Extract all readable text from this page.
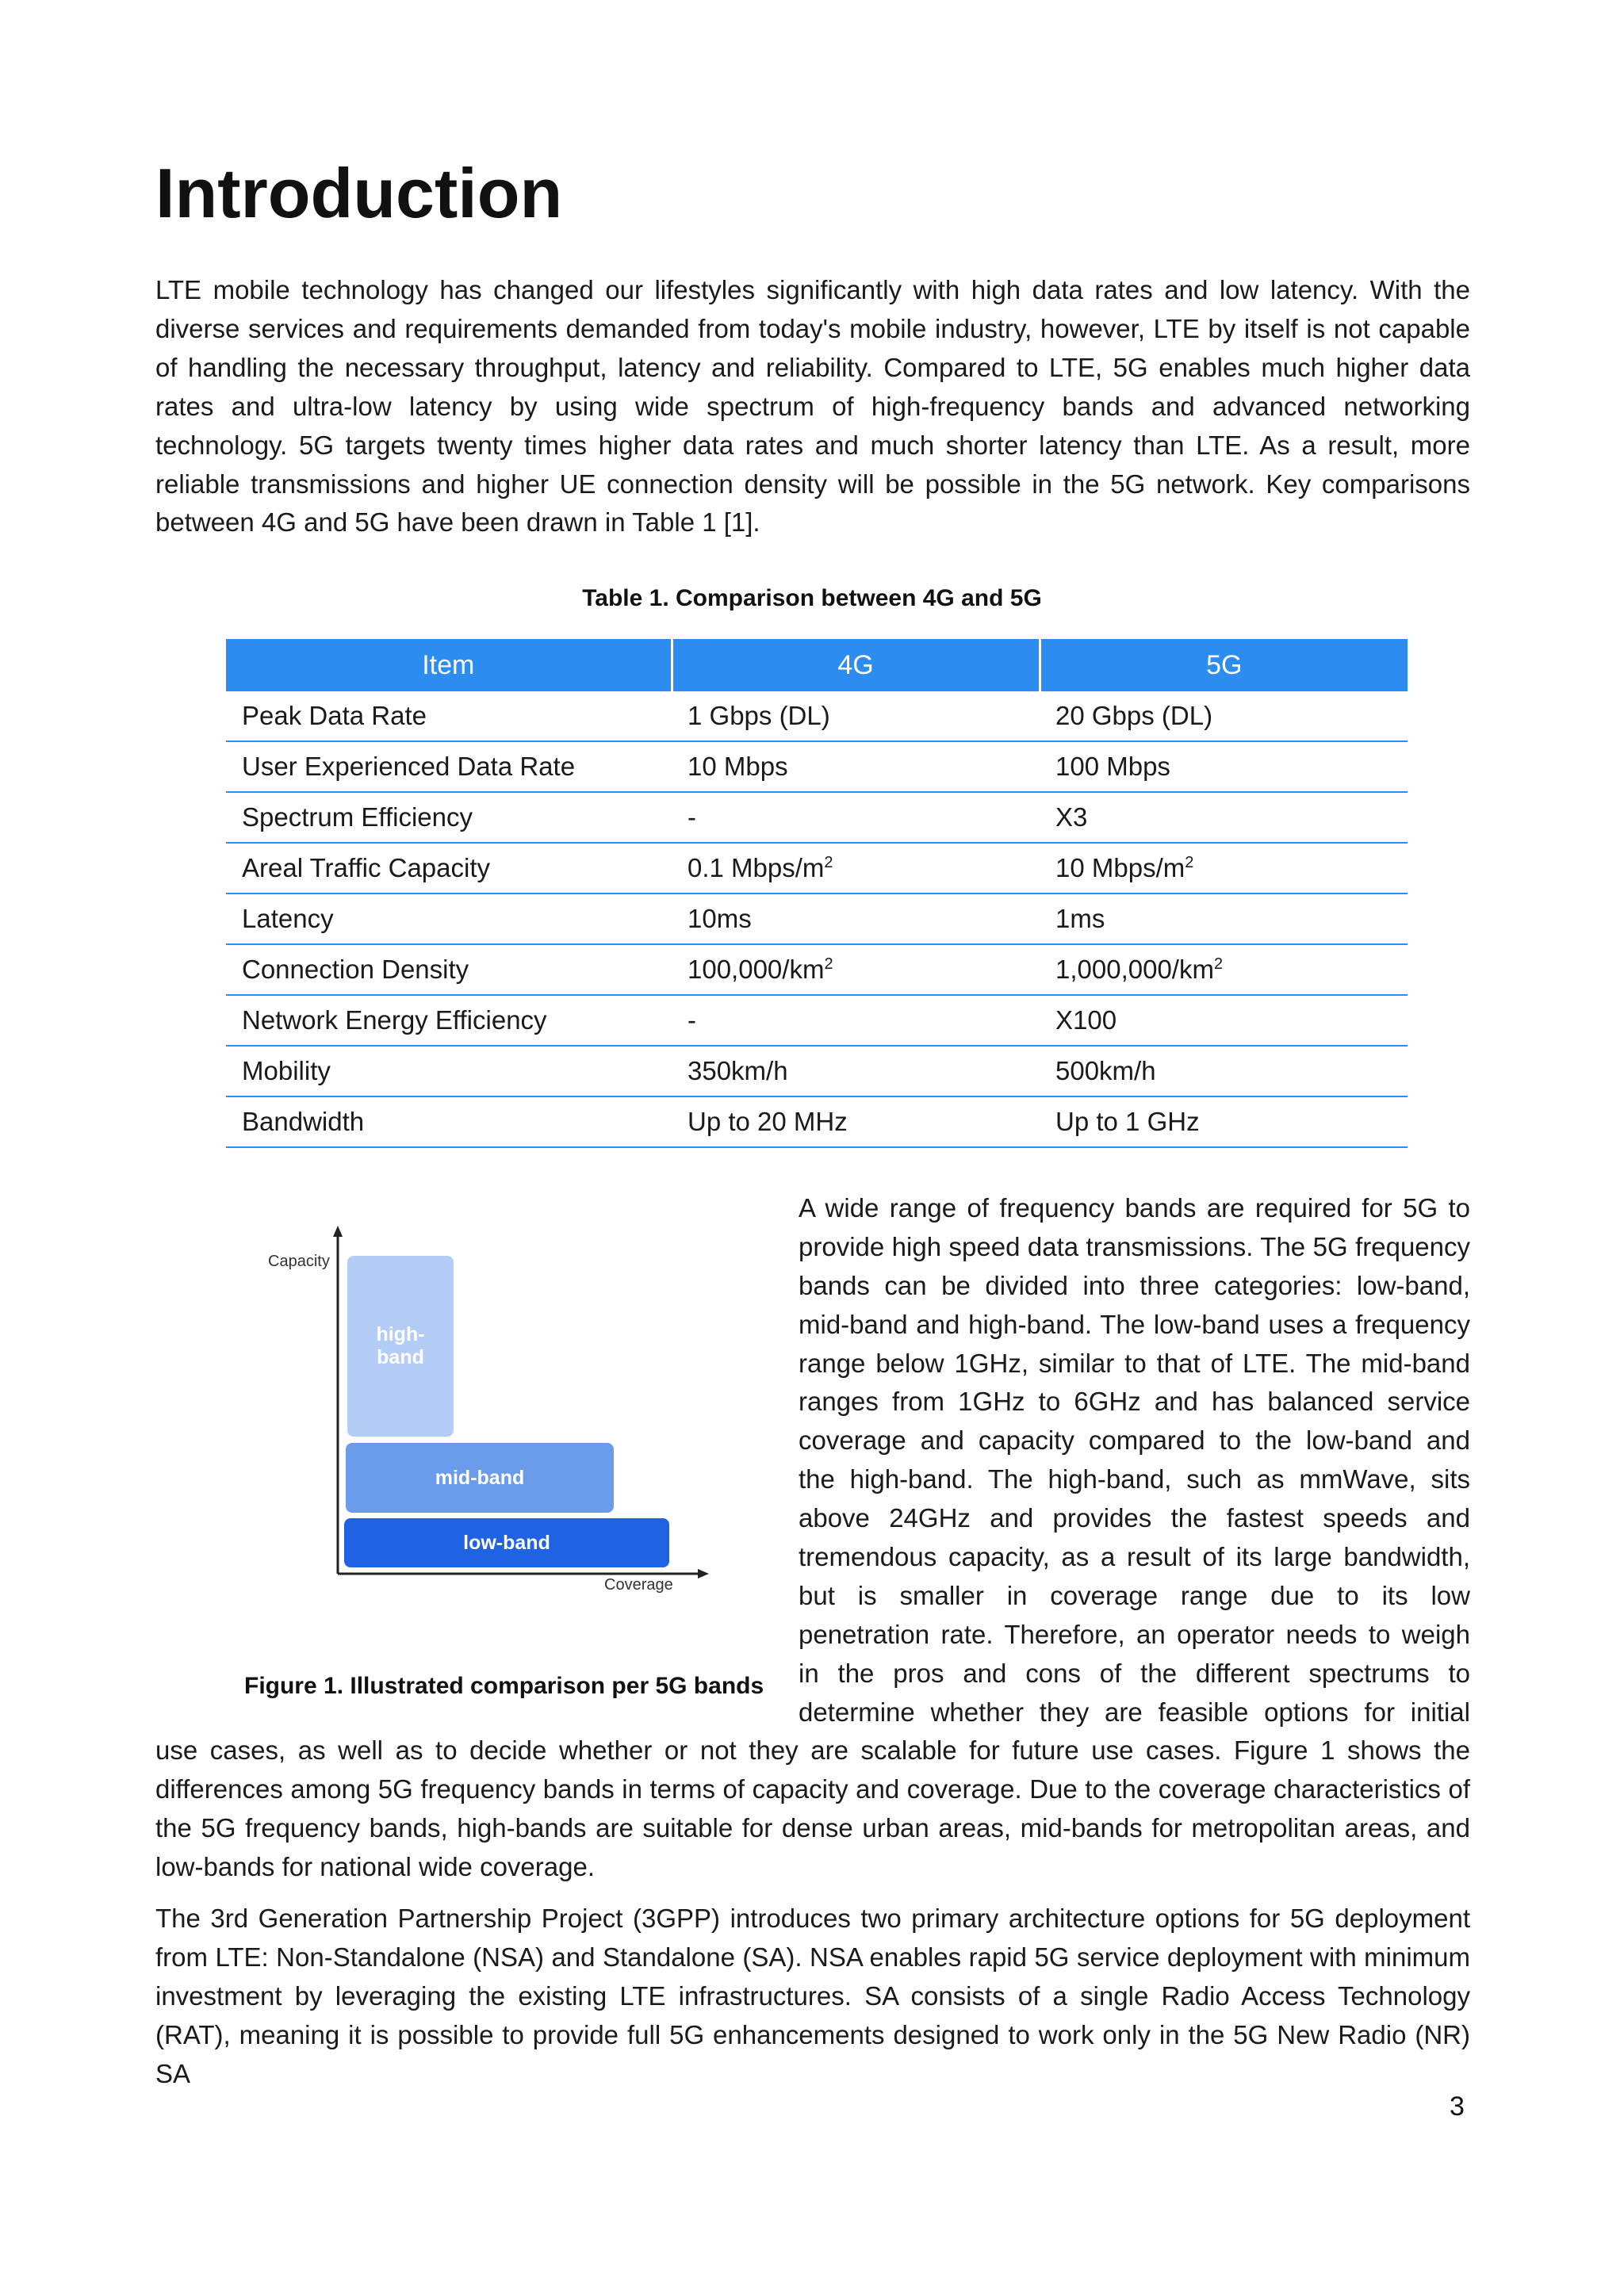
Introduction

LTE mobile technology has changed our lifestyles significantly with high data rates and low latency. With the diverse services and requirements demanded from today's mobile industry, however, LTE by itself is not capable of handling the necessary throughput, latency and reliability. Compared to LTE, 5G enables much higher data rates and ultra-low latency by using wide spectrum of high-frequency bands and advanced networking technology. 5G targets twenty times higher data rates and much shorter latency than LTE. As a result, more reliable transmissions and higher UE connection density will be possible in the 5G network. Key comparisons between 4G and 5G have been drawn in Table 1 [1].

Table 1. Comparison between 4G and 5G
Item	4G	5G
Peak Data Rate	1 Gbps (DL)	20 Gbps (DL)
User Experienced Data Rate	10 Mbps	100 Mbps
Spectrum Efficiency	-	X3
Areal Traffic Capacity	0.1 Mbps/$m^2$	10 Mbps/$m^2$
Latency	10ms	1ms
Connection Density	$100,000/km^2$	$1,000,000/km^2$
Network Energy Efficiency	-	X100
Mobility	350km/h	500km/h
Bandwidth	Up to 20 MHz	Up to 1 GHz
Capacity
Coverage
high-
band
mid-band
low-band
Figure 1. Illustrated comparison per 5G bands
A wide range of frequency bands are required for 5G to
provide high speed data transmissions. The 5G frequency
bands can be divided into three categories: low-band,
mid-band and high-band. The low-band uses a frequency
range below 1GHz, similar to that of LTE. The mid-band
ranges from 1GHz to 6GHz and has balanced service
coverage and capacity compared to the low-band and
the high-band. The high-band, such as mmWave, sits
above 24GHz and provides the fastest speeds and
tremendous capacity, as a result of its large bandwidth,
but is smaller in coverage range due to its low
penetration rate. Therefore, an operator needs to weigh
in the pros and cons of the different spectrums to
determine whether they are feasible options for initial

use cases, as well as to decide whether or not they are scalable for future use cases. Figure 1 shows the differences among 5G frequency bands in terms of capacity and coverage. Due to the coverage characteristics of the 5G frequency bands, high-bands are suitable for dense urban areas, mid-bands for metropolitan areas, and low-bands for national wide coverage.

The 3rd Generation Partnership Project (3GPP) introduces two primary architecture options for 5G deployment from LTE: Non-Standalone (NSA) and Standalone (SA). NSA enables rapid 5G service deployment with minimum investment by leveraging the existing LTE infrastructures. SA consists of a single Radio Access Technology (RAT), meaning it is possible to provide full 5G enhancements designed to work only in the 5G New Radio (NR) SA

3
